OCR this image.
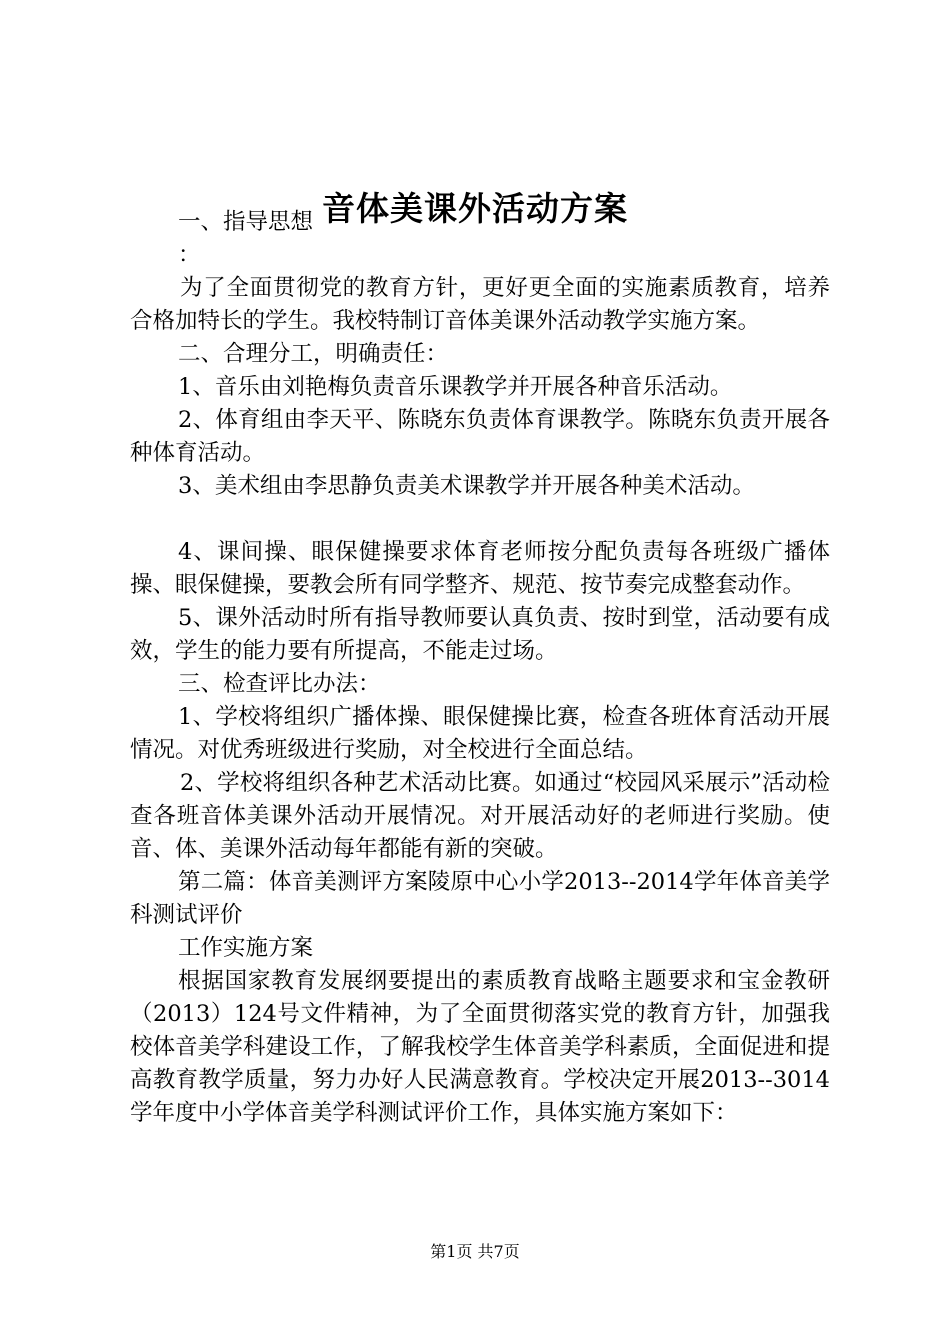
音体美课外活动方案

一、指导思想

：

为了全面贯彻党的教育方针，更好更全面的实施素质教育，培养合格加特长的学生。我校特制订音体美课外活动教学实施方案。

二、合理分工，明确责任：

1、音乐由刘艳梅负责音乐课教学并开展各种音乐活动。

2、体育组由李天平、陈晓东负责体育课教学。陈晓东负责开展各种体育活动。

3、美术组由李思静负责美术课教学并开展各种美术活动。

4、课间操、眼保健操要求体育老师按分配负责每各班级广播体操、眼保健操，要教会所有同学整齐、规范、按节奏完成整套动作。

5、课外活动时所有指导教师要认真负责、按时到堂，活动要有成效，学生的能力要有所提高，不能走过场。

三、检查评比办法：

1、学校将组织广播体操、眼保健操比赛，检查各班体育活动开展情况。对优秀班级进行奖励，对全校进行全面总结。

2、学校将组织各种艺术活动比赛。如通过“校园风采展示”活动检查各班音体美课外活动开展情况。对开展活动好的老师进行奖励。使音、体、美课外活动每年都能有新的突破。

第二篇：体音美测评方案陵原中心小学2013--2014学年体音美学科测试评价

工作实施方案

根据国家教育发展纲要提出的素质教育战略主题要求和宝金教研（2013）124号文件精神，为了全面贯彻落实党的教育方针，加强我校体音美学科建设工作，了解我校学生体音美学科素质，全面促进和提高教育教学质量，努力办好人民满意教育。学校决定开展2013--3014学年度中小学体音美学科测试评价工作，具体实施方案如下：

第1页 共7页
